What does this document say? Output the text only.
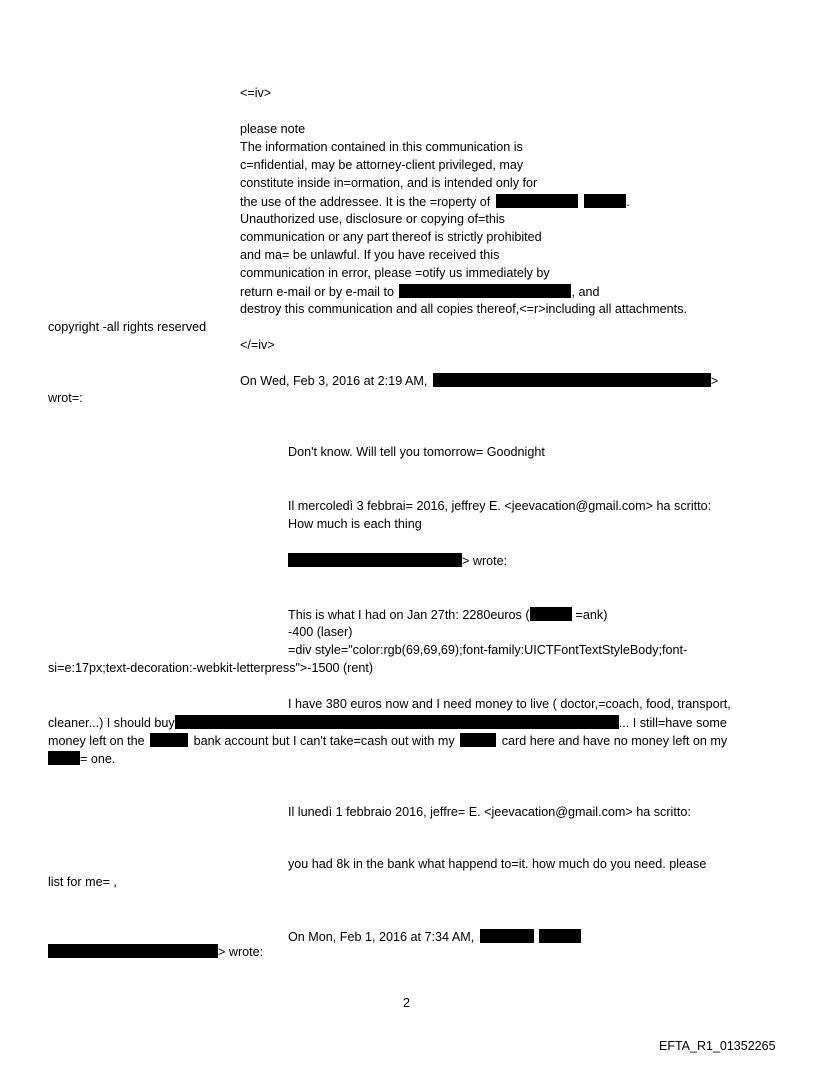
<=iv>
please note
The information contained in this communication is
c=nfidential, may be attorney-client privileged, may
constitute inside in=ormation, and is intended only for
the use of the addressee. It is the =roperty of	.
Unauthorized use, disclosure or copying of=this
communication or any part thereof is strictly prohibited
and ma= be unlawful. If you have received this
communication in error, please =otify us immediately by
return e-mail or by e-mail to	, and
destroy this communication and all copies thereof,<=r>including all attachments.
copyright -all rights reserved
</=iv>
On Wed, Feb 3, 2016 at 2:19 AM,	>
wrot=:
Don't know. Will tell you tomorrow= Goodnight
Il mercoledì 3 febbrai= 2016, jeffrey E. <jeevacation@gmail.com> ha scritto:
How much is each thing
> wrote:
This is what I had on Jan 27th: 2280euros (	=ank)
-400 (laser)
=div style="color:rgb(69,69,69);font-family:UICTFontTextStyleBody;font-
si=e:17px;text-decoration:-webkit-letterpress">-1500 (rent)
I have 380 euros now and I need money to live ( doctor,=coach, food, transport,
cleaner...) I should buy	... I still=have some
money left on the	bank account but I can't take=cash out with my	card here and have no money left on my
= one.
Il lunedì 1 febbraio 2016, jeffre= E. <jeevacation@gmail.com> ha scritto:
you had 8k in the bank what happend to=it. how much do you need. please
list for me= ,
On Mon, Feb 1, 2016 at 7:34 AM,
> wrote:
2
EFTA_R1_01352265
